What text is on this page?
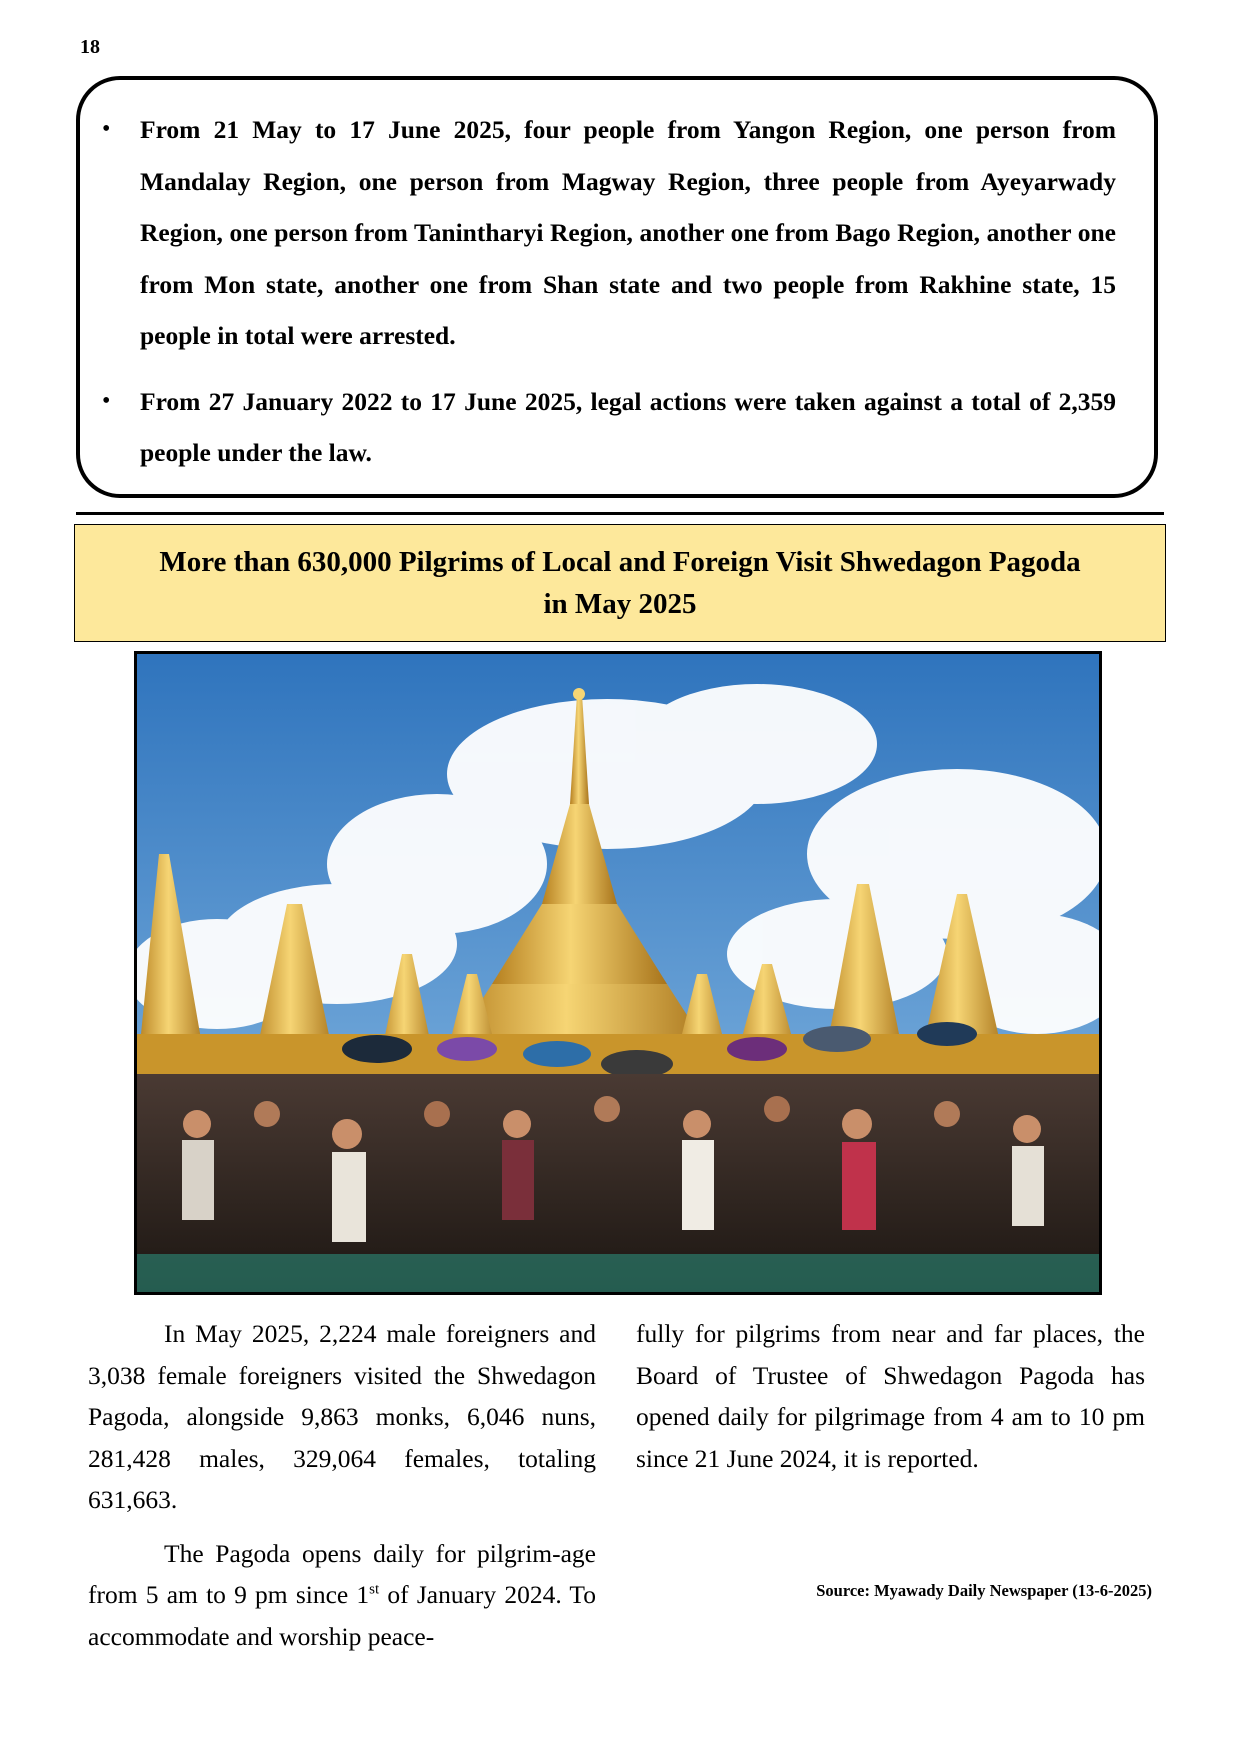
18
• From 21 May to 17 June 2025, four people from Yangon Region, one person from Mandalay Region, one person from Magway Region, three people from Ayeyarwady Region, one person from Tanintharyi Region, another one from Bago Region, another one from Mon state, another one from Shan state and two people from Rakhine state, 15 people in total were arrested.
• From 27 January 2022 to 17 June 2025, legal actions were taken against a total of 2,359 people under the law.
More than 630,000 Pilgrims of Local and Foreign Visit Shwedagon Pagoda
in May 2025

In May 2025, 2,224 male foreigners and 3,038 female foreigners visited the Shwedagon Pagoda, alongside 9,863 monks, 6,046 nuns, 281,428 males, 329,064 females, totaling 631,663.

The Pagoda opens daily for pilgrim-age from 5 am to 9 pm since 1st of January 2024. To accommodate and worship peace-

fully for pilgrims from near and far places, the Board of Trustee of Shwedagon Pagoda has opened daily for pilgrimage from 4 am to 10 pm since 21 June 2024, it is reported.

Source: Myawady Daily Newspaper (13-6-2025)
